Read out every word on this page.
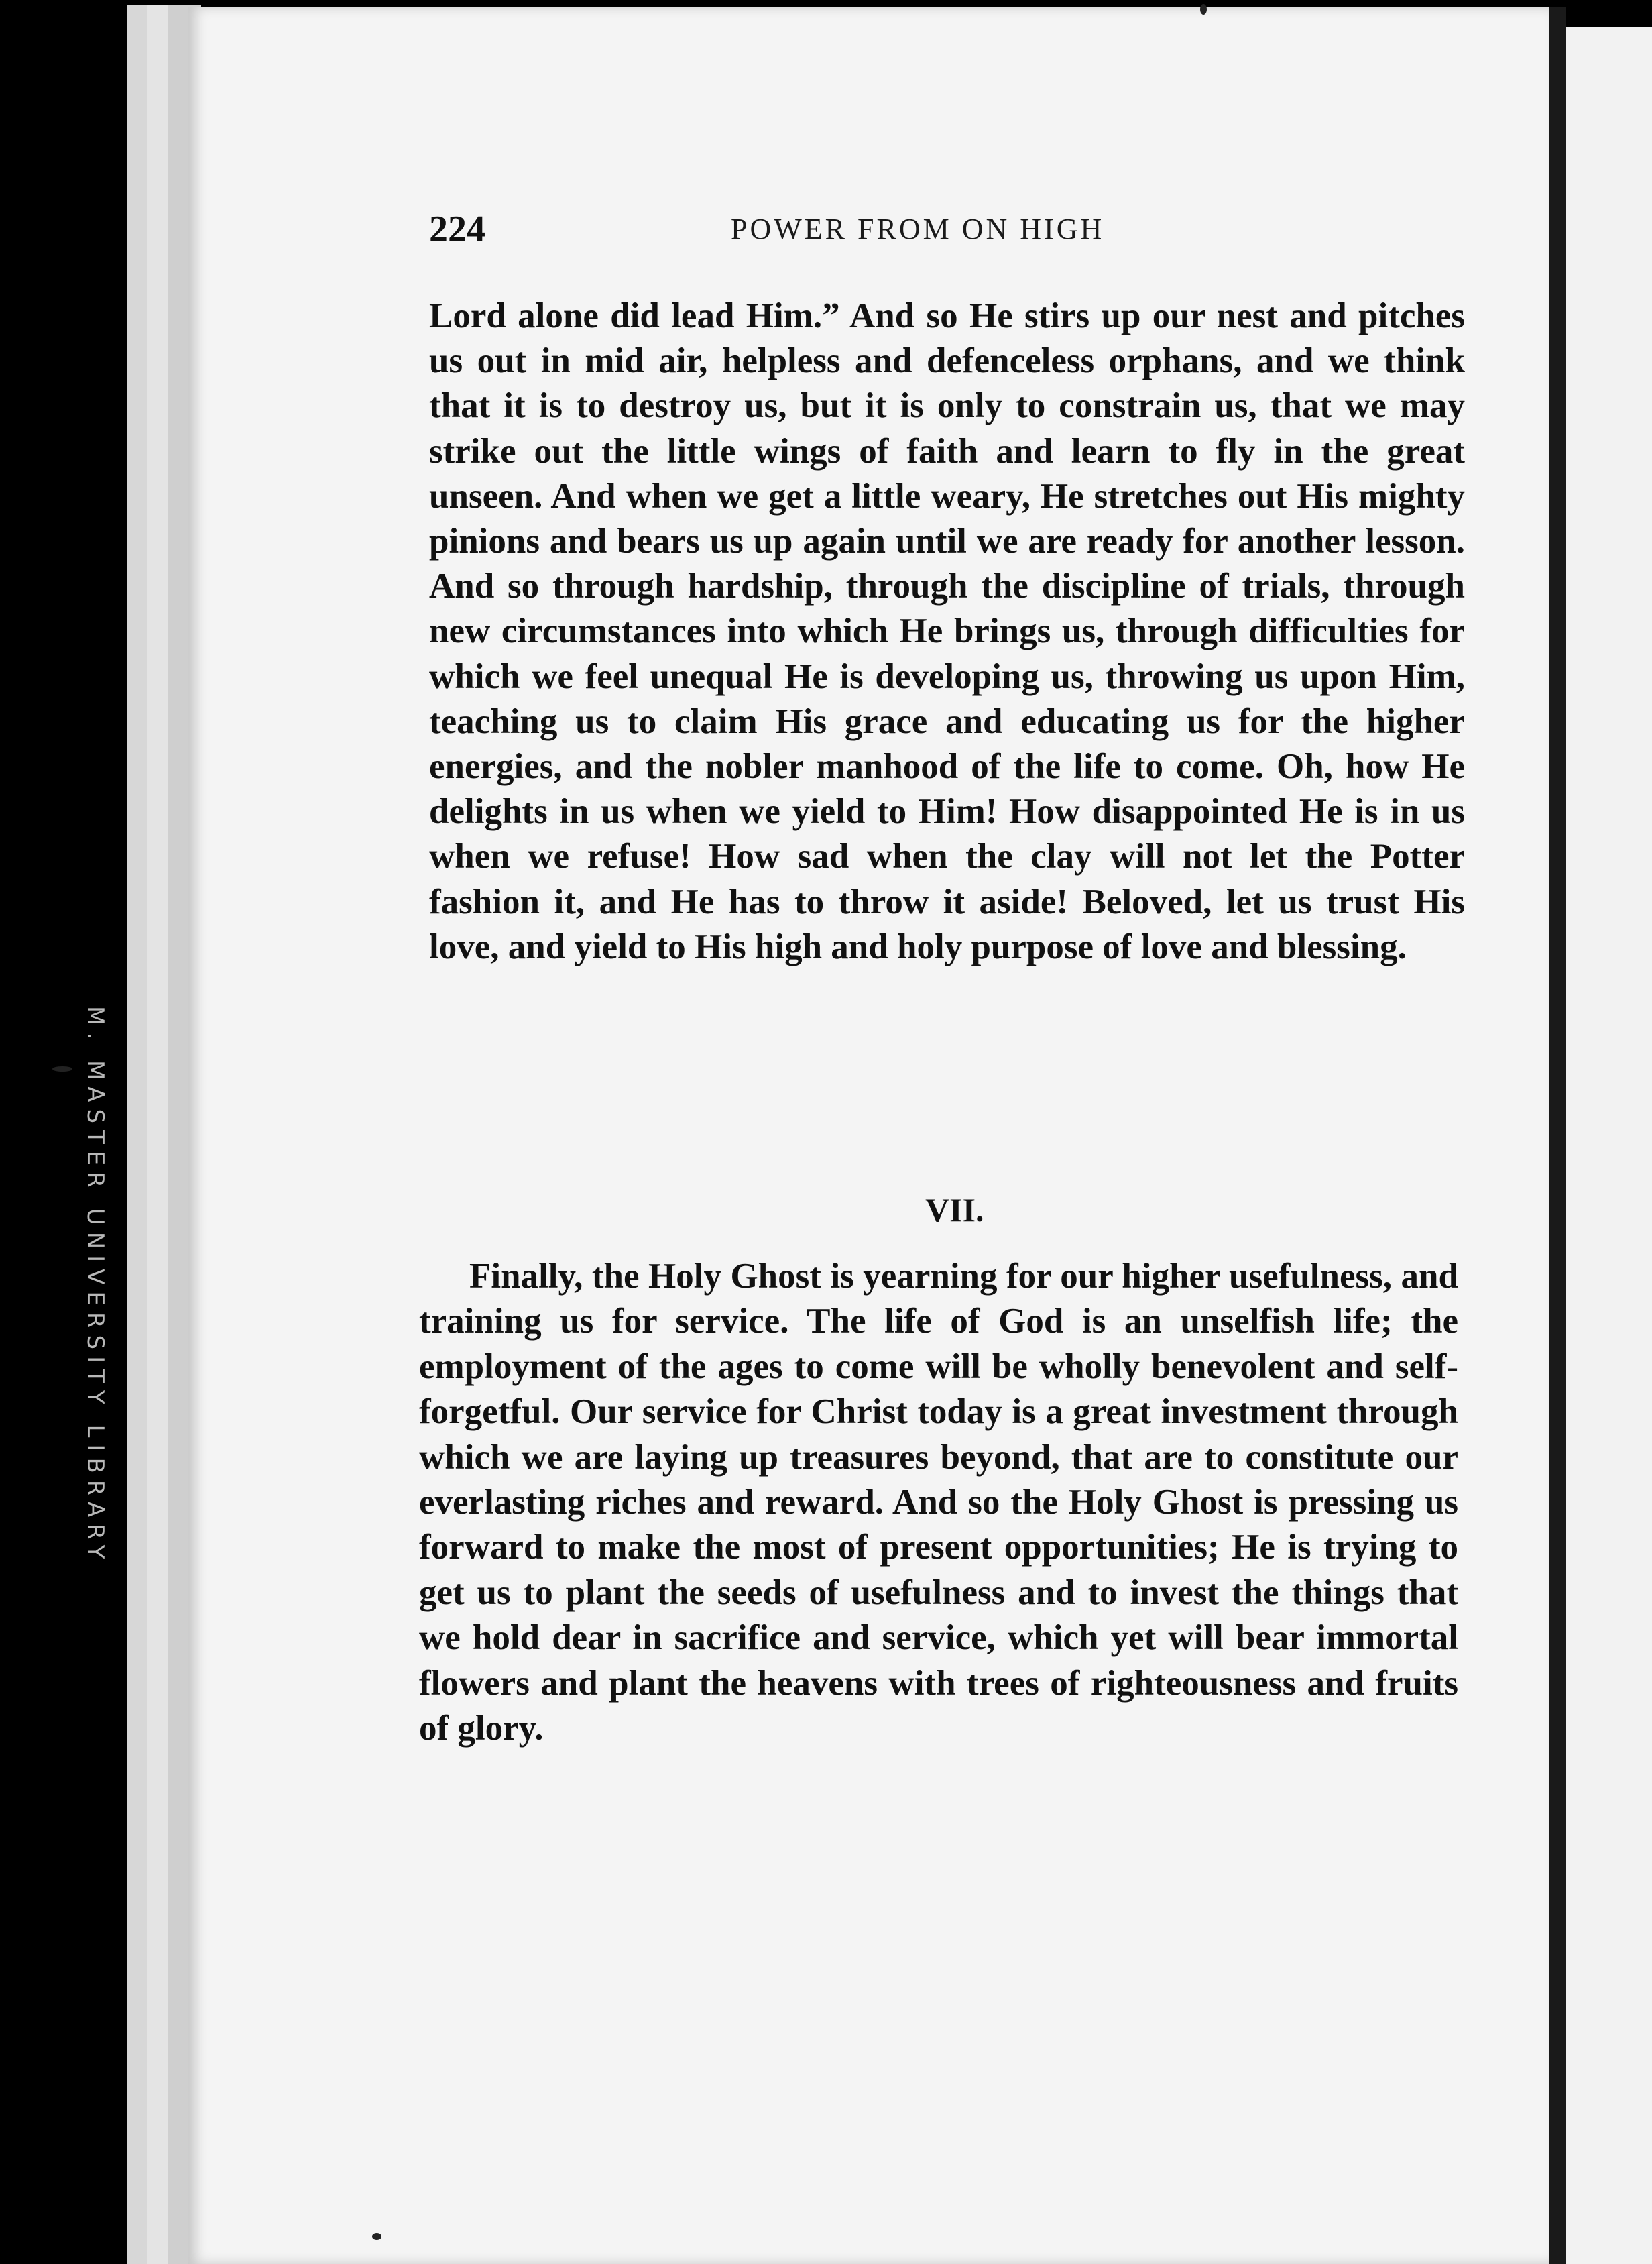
M. MASTER UNIVERSITY LIBRARY
224	POWER FROM ON HIGH

Lord alone did lead Him.” And so He stirs up our nest and pitches us out in mid air, helpless and defenceless orphans, and we think that it is to destroy us, but it is only to constrain us, that we may strike out the little wings of faith and learn to fly in the great unseen. And when we get a little weary, He stretches out His mighty pinions and bears us up again until we are ready for another lesson. And so through hardship, through the discipline of trials, through new circumstances into which He brings us, through difficulties for which we feel unequal He is developing us, throwing us upon Him, teaching us to claim His grace and educating us for the higher energies, and the nobler manhood of the life to come. Oh, how He delights in us when we yield to Him! How disappointed He is in us when we refuse! How sad when the clay will not let the Potter fashion it, and He has to throw it aside! Beloved, let us trust His love, and yield to His high and holy purpose of love and blessing.

VII.

Finally, the Holy Ghost is yearning for our higher usefulness, and training us for service. The life of God is an unselfish life; the employment of the ages to come will be wholly benevolent and self-forgetful. Our service for Christ today is a great investment through which we are laying up treasures beyond, that are to constitute our everlasting riches and reward. And so the Holy Ghost is pressing us forward to make the most of present opportunities; He is trying to get us to plant the seeds of usefulness and to invest the things that we hold dear in sacrifice and service, which yet will bear immortal flowers and plant the heavens with trees of righteousness and fruits of glory.
